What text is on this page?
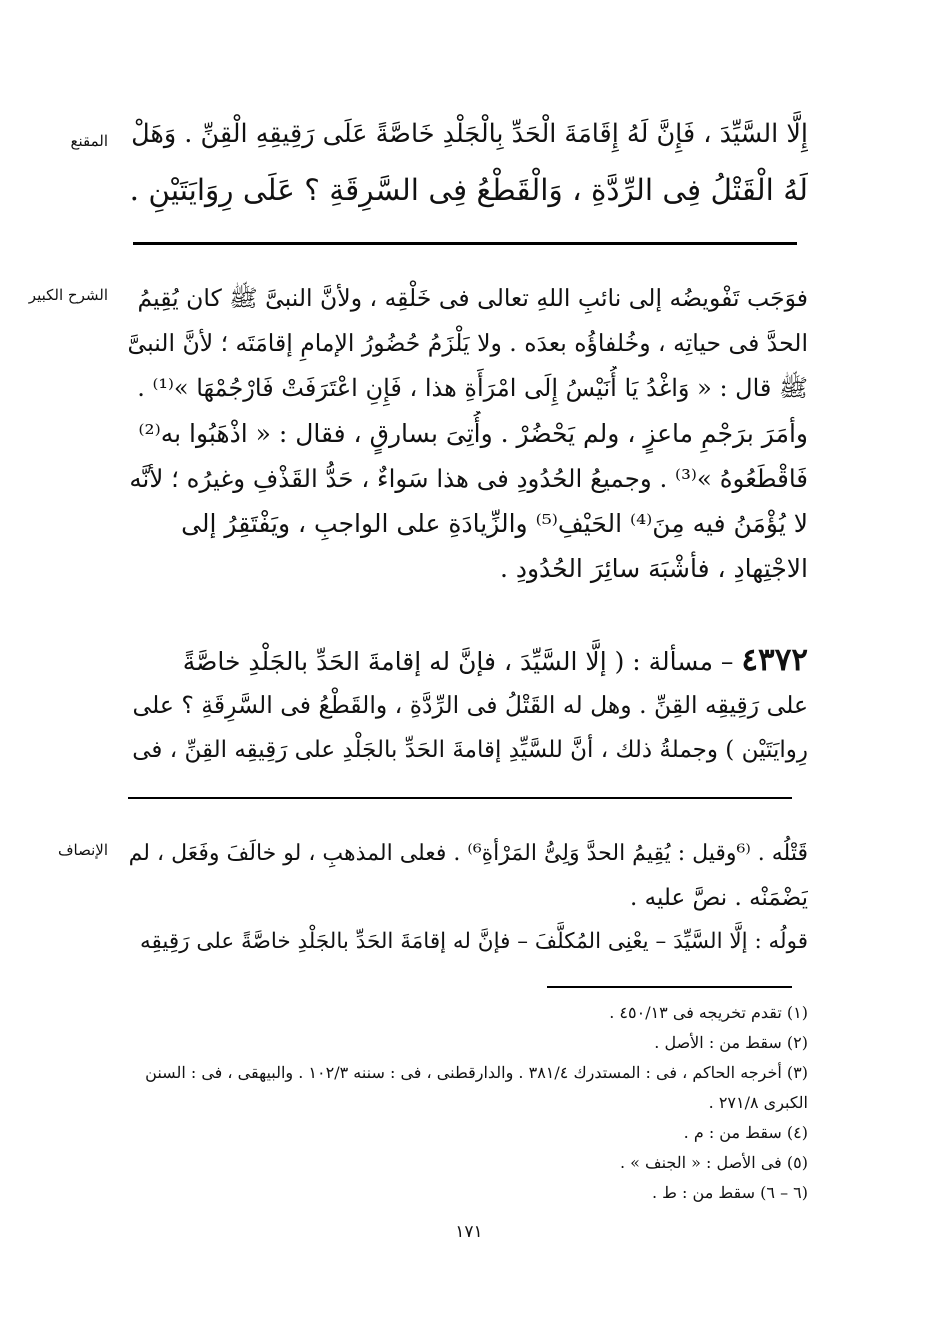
المقنع إِلَّا السَّيِّدَ ، فَإِنَّ لَهُ إِقَامَةَ الْحَدِّ بِالْجَلْدِ خَاصَّةً عَلَى رَقِيقِهِ الْقِنِّ . وَهَلْ
لَهُ الْقَتْلُ فِى الرِّدَّةِ ، وَالْقَطْعُ فِى السَّرِقَةِ ؟ عَلَى رِوَايَتَيْنِ .
الشرح الكبير	فوَجَب تَفْويضُه إلى نائبِ اللهِ تعالى فى خَلْقِه ، ولأنَّ النبىَّ ﷺ كان يُقِيمُ
الحدَّ فى حياتِه ، وخُلفاؤُه بعدَه . ولا يَلْزَمُ حُضُورُ الإمامِ إقامَتَه ؛ لأنَّ النبىَّ
ﷺ قال : « وَاغْدُ يَا أُنَيْسُ إِلَى امْرَأَةِ هذا ، فَإِنِ اعْتَرَفَتْ فَارْجُمْهَا »⁽¹⁾ .
وأمَرَ برَجْمِ ماعزٍ ، ولم يَحْضُرْ . وأُتِىَ بسارقٍ ، فقال : « اذْهَبُوا به⁽²⁾
فَاقْطَعُوهُ »⁽³⁾ . وجميعُ الحُدُودِ فى هذا سَواءٌ ، حَدُّ القَذْفِ وغيرُه ؛ لأنَّه
لا يُؤْمَنُ فيه مِنَ⁽⁴⁾ الحَيْفِ⁽⁵⁾ والزِّيادَةِ على الواجبِ ، ويَفْتَقِرُ إلى
الاجْتِهادِ ، فأشْبَهَ سائِرَ الحُدُودِ .
٤٣٧٢ – مسألة : ( إلَّا السَّيِّدَ ، فإنَّ له إقامةَ الحَدِّ بالجَلْدِ خاصَّةً
على رَقِيقِه القِنِّ . وهل له القَتْلُ فى الرِّدَّةِ ، والقَطْعُ فى السَّرِقَةِ ؟ على
رِوايَتَيْن ) وجملةُ ذلك ، أنَّ للسَّيِّدِ إقامةَ الحَدِّ بالجَلْدِ على رَقِيقِه القِنِّ ، فى
الإنصاف قَتْلُه . ⁽⁶وقيل : يُقِيمُ الحدَّ وَلِىُّ المَرْأةِ⁶⁾ . فعلى المذهبِ ، لو خالَفَ وفَعَل ، لم
يَضْمَنْه . نصَّ عليه .
قولُه : إلَّا السَّيِّدَ – يعْنِى المُكلَّفَ – فإنَّ له إقامَةَ الحَدِّ بالجَلْدِ خاصَّةً على رَقِيقِه
(١) تقدم تخريجه فى ٤٥٠/١٣ .
(٢) سقط من : الأصل .
(٣) أخرجه الحاكم ، فى : المستدرك ٣٨١/٤ . والدارقطنى ، فى : سننه ١٠٢/٣ . والبيهقى ، فى : السنن
الكبرى ٢٧١/٨ .
(٤) سقط من : م .
(٥) فى الأصل : « الجنف » .
(٦ – ٦) سقط من : ط .
١٧١
